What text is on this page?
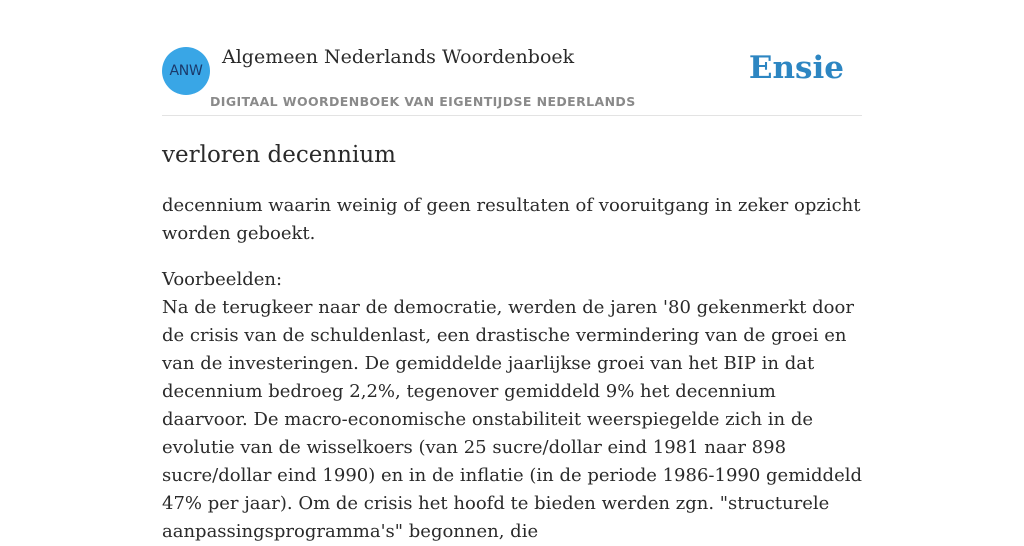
ANW
Algemeen Nederlands Woordenboek
DIGITAAL WOORDENBOEK VAN EIGENTIJDSE NEDERLANDS
Ensie
verloren decennium

decennium waarin weinig of geen resultaten of vooruitgang in zeker opzicht worden geboekt.

Voorbeelden:
Na de terugkeer naar de democratie, werden de jaren '80 gekenmerkt door de crisis van de schuldenlast, een drastische vermindering van de groei en van de investeringen. De gemiddelde jaarlijkse groei van het BIP in dat decennium bedroeg 2,2%, tegenover gemiddeld 9% het decennium daarvoor. De macro-economische onstabiliteit weerspiegelde zich in de evolutie van de wisselkoers (van 25 sucre/dollar eind 1981 naar 898 sucre/dollar eind 1990) en in de inflatie (in de periode 1986-1990 gemiddeld 47% per jaar). Om de crisis het hoofd te bieden werden zgn. "structurele aanpassingsprogramma's" begonnen, die
